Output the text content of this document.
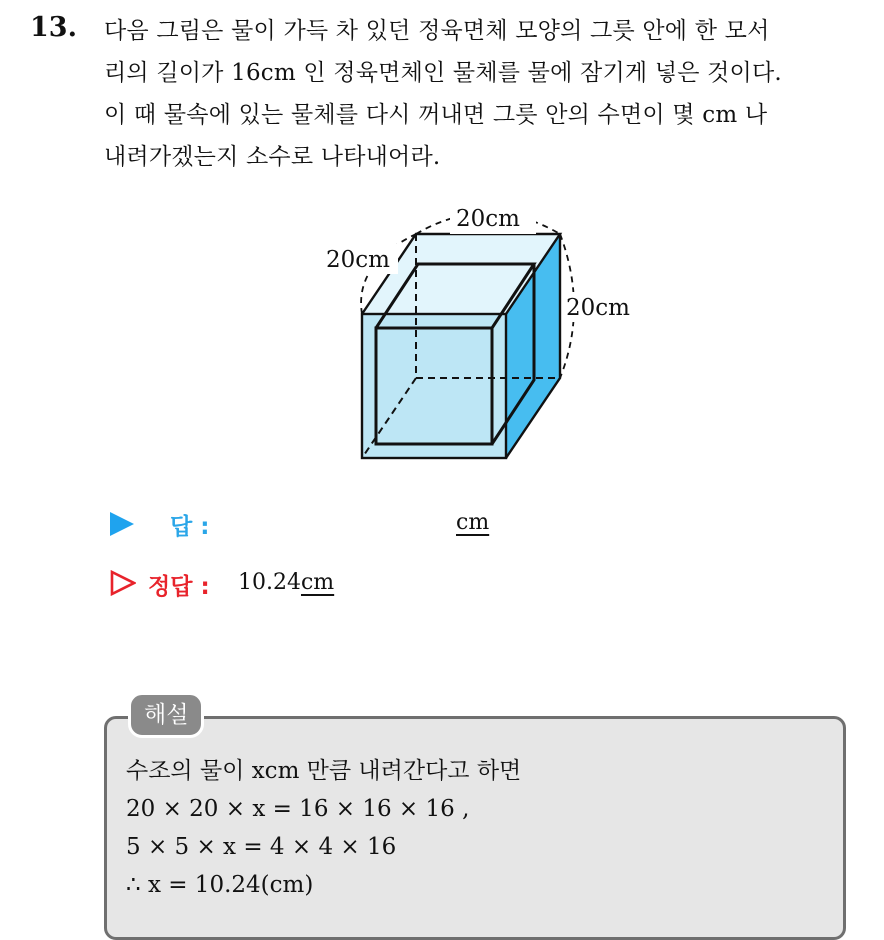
13. 다음 그림은 물이 가득 차 있던 정육면체 모양의 그릇 안에 한 모서
리의 길이가 16cm 인 정육면체인 물체를 물에 잠기게 넣은 것이다.
이 때 물속에 있는 물체를 다시 꺼내면 그릇 안의 수면이 몇 cm 나
내려가겠는지 소수로 나타내어라.
20cm
20cm
20cm
답 :	cm
정답 : 10.24cm
해설
수조의 물이 xcm 만큼 내려간다고 하면
20 × 20 × x = 16 × 16 × 16 ,
5 × 5 × x = 4 × 4 × 16
∴ x = 10.24(cm)
